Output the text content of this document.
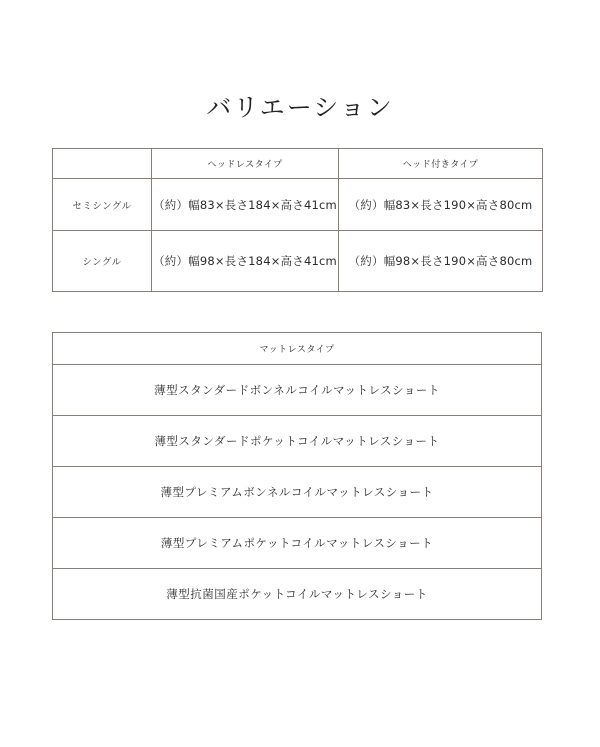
バリエーション
	ヘッドレスタイプ	ヘッド付きタイプ
セミシングル	（約）幅83×長さ184×高さ41cm	（約）幅83×長さ190×高さ80cm
シングル	（約）幅98×長さ184×高さ41cm	（約）幅98×長さ190×高さ80cm
マットレスタイプ
薄型スタンダードボンネルコイルマットレスショート
薄型スタンダードポケットコイルマットレスショート
薄型プレミアムボンネルコイルマットレスショート
薄型プレミアムポケットコイルマットレスショート
薄型抗菌国産ポケットコイルマットレスショート
